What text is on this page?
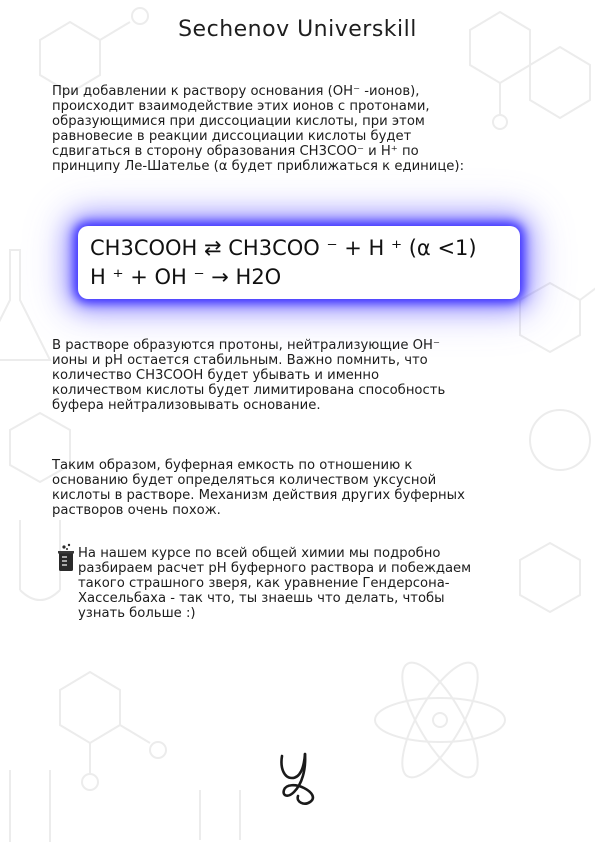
Sechenov Universkill
При добавлении к раствору основания (ОН⁻ -ионов),
происходит взаимодействие этих ионов с протонами,
образующимися при диссоциации кислоты, при этом
равновесие в реакции диссоциации кислоты будет
сдвигаться в сторону образования СН3СОО⁻ и Н⁺ по
принципу Ле-Шательe (α будет приближаться к единице):
CH3COOH ⇄ CH3COO ⁻ + H ⁺ (α <1)
H ⁺ + OH ⁻ → H2O
В растворе образуются протоны, нейтрализующие ОН⁻
ионы и рН остается стабильным. Важно помнить, что
количество СН3СООН будет убывать и именно
количеством кислоты будет лимитирована способность
буфера нейтрализовывать основание.
Таким образом, буферная емкость по отношению к
основанию будет определяться количеством уксусной
кислоты в растворе. Механизм действия других буферных
растворов очень похож.
На нашем курсе по всей общей химии мы подробно
разбираем расчет рН буферного раствора и побеждаем
такого страшного зверя, как уравнение Гендерсона-
Хассельбаха - так что, ты знаешь что делать, чтобы
узнать больше :)
